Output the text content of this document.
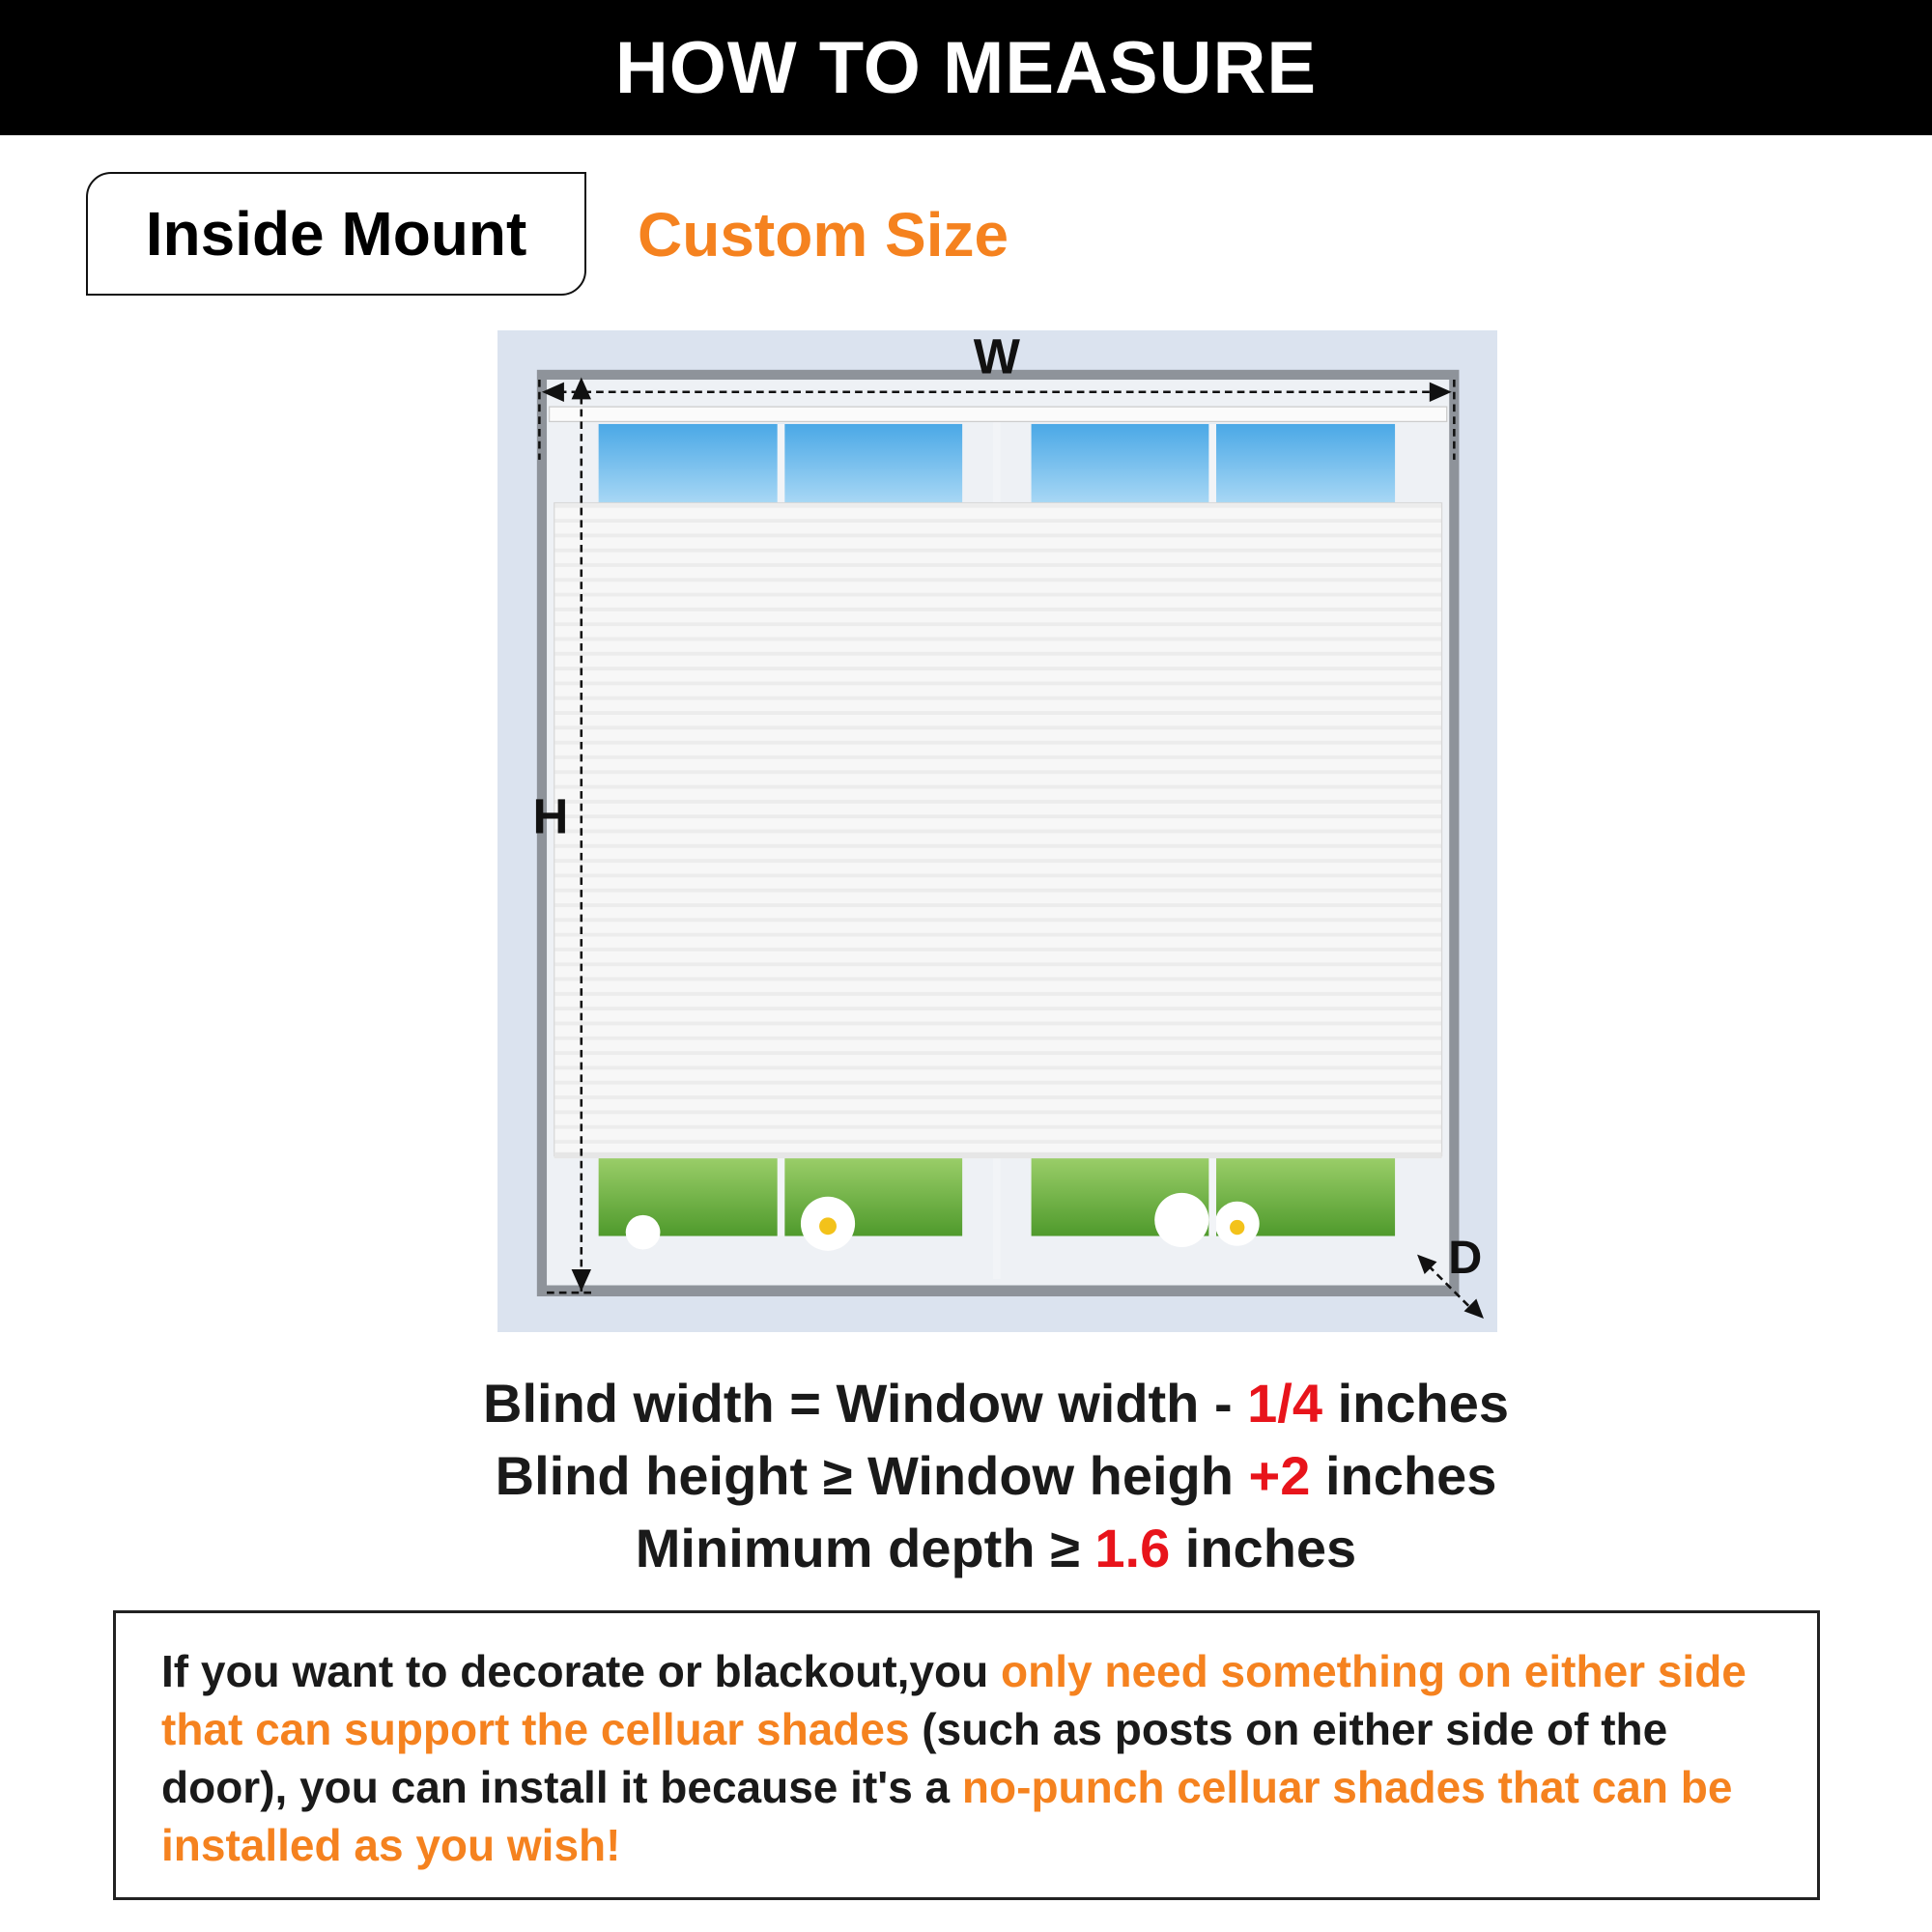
HOW TO MEASURE
Inside Mount	Custom Size
W
H
D
Blind width = Window width - 1/4 inches
Blind height ≥ Window heigh +2 inches
Minimum depth ≥ 1.6 inches
If you want to decorate or blackout,you only need something on either side that can support the celluar shades (such as posts on either side of the door), you can install it because it's a no-punch celluar shades that can be installed as you wish!
